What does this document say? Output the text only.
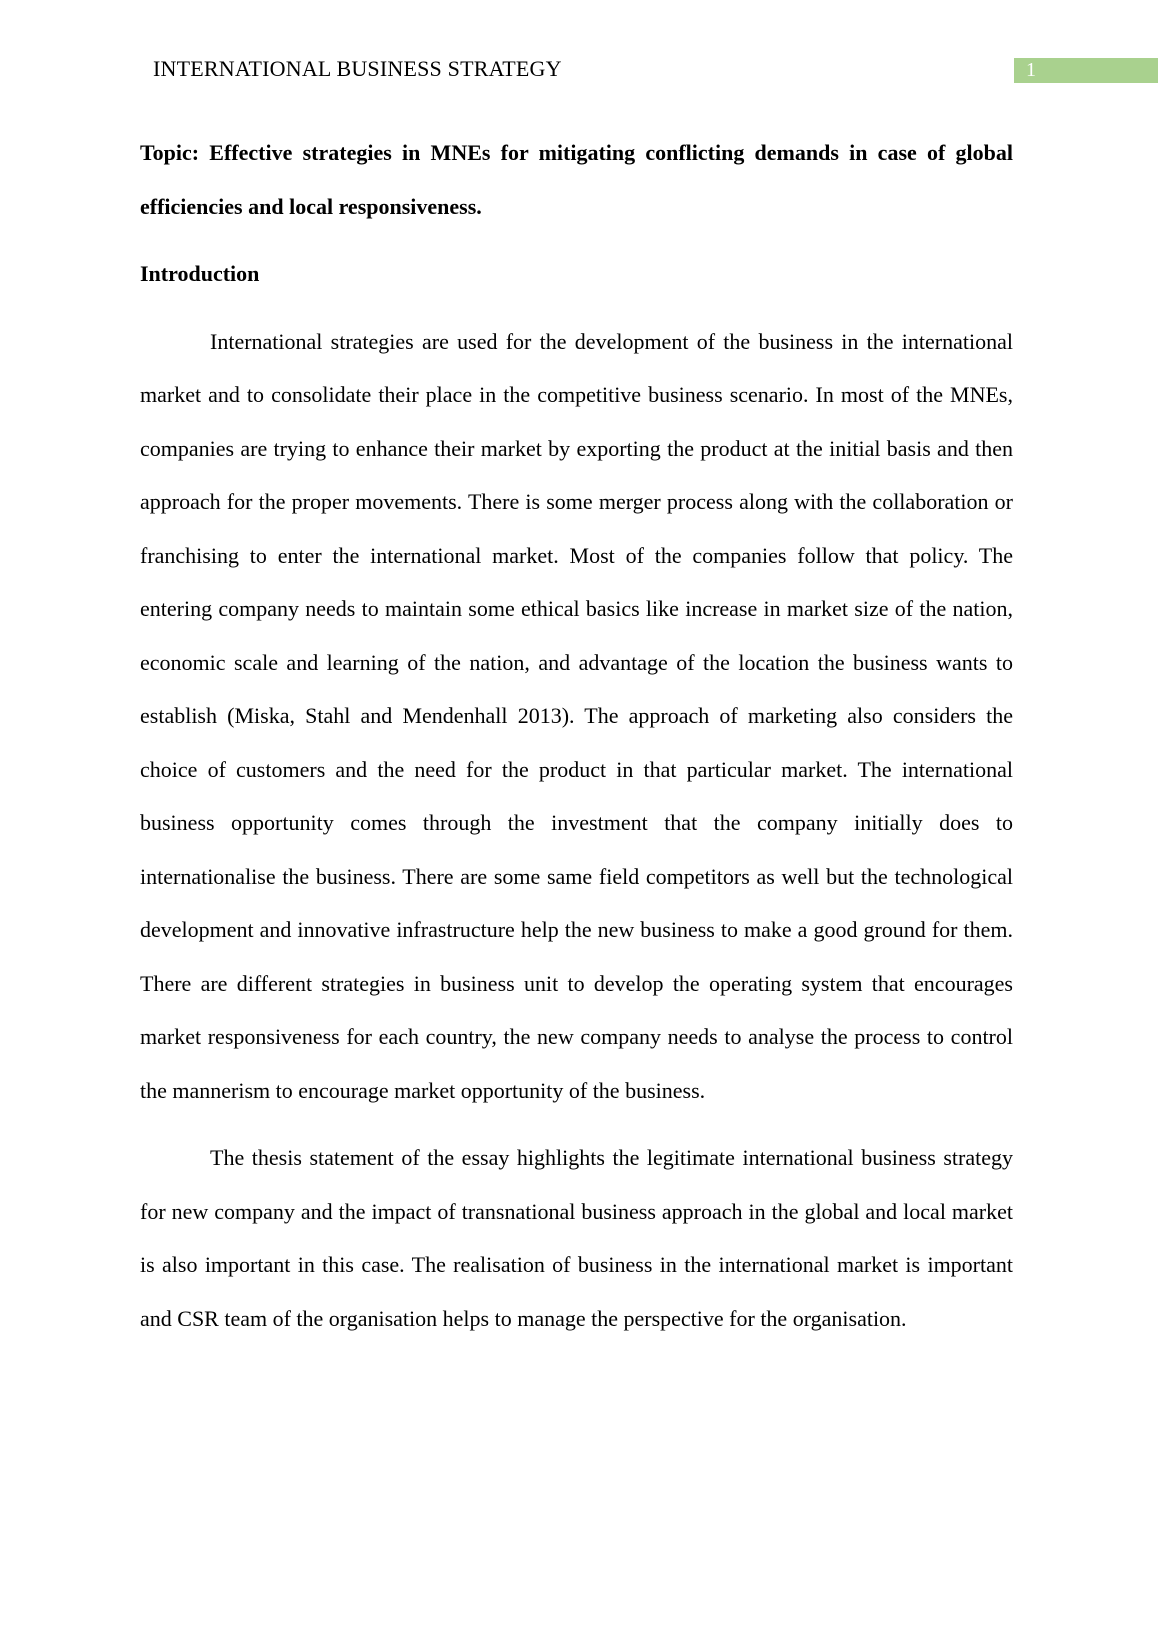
INTERNATIONAL BUSINESS STRATEGY	1

Topic: Effective strategies in MNEs for mitigating conflicting demands in case of global efficiencies and local responsiveness.

Introduction

International strategies are used for the development of the business in the international market and to consolidate their place in the competitive business scenario. In most of the MNEs, companies are trying to enhance their market by exporting the product at the initial basis and then approach for the proper movements. There is some merger process along with the collaboration or franchising to enter the international market. Most of the companies follow that policy. The entering company needs to maintain some ethical basics like increase in market size of the nation, economic scale and learning of the nation, and advantage of the location the business wants to establish (Miska, Stahl and Mendenhall 2013). The approach of marketing also considers the choice of customers and the need for the product in that particular market. The international business opportunity comes through the investment that the company initially does to internationalise the business. There are some same field competitors as well but the technological development and innovative infrastructure help the new business to make a good ground for them. There are different strategies in business unit to develop the operating system that encourages market responsiveness for each country, the new company needs to analyse the process to control the mannerism to encourage market opportunity of the business.

The thesis statement of the essay highlights the legitimate international business strategy for new company and the impact of transnational business approach in the global and local market is also important in this case. The realisation of business in the international market is important and CSR team of the organisation helps to manage the perspective for the organisation.
